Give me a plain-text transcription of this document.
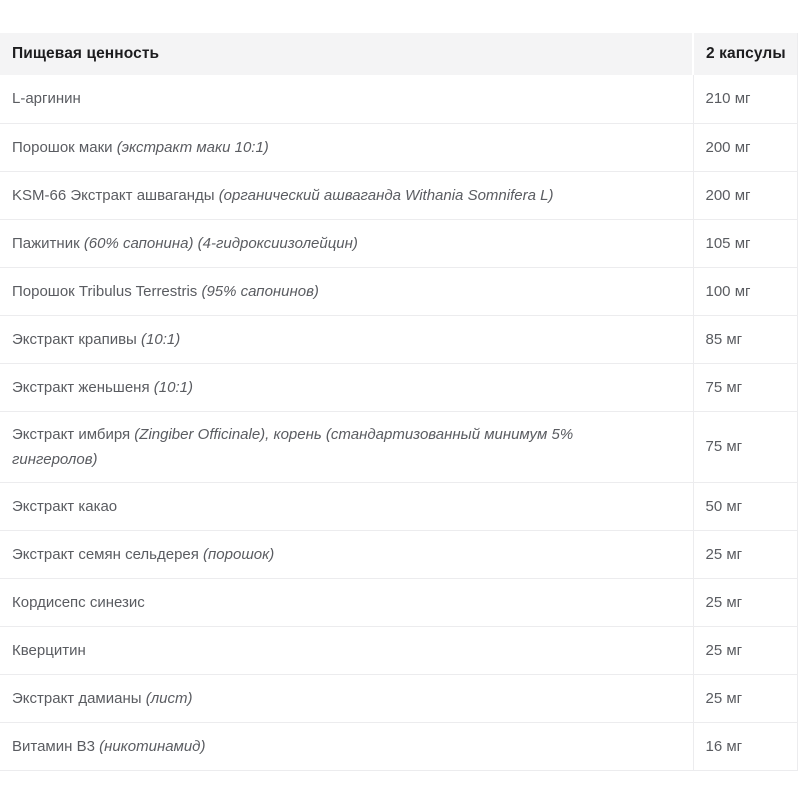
Пищевая ценность	2 капсулы
L-аргинин	210 мг
Порошок маки (экстракт маки 10:1)	200 мг
KSM-66 Экстракт ашваганды (органический ашваганда Withania Somnifera L)	200 мг
Пажитник (60% сапонина) (4-гидроксиизолейцин)	105 мг
Порошок Tribulus Terrestris (95% сапонинов)	100 мг
Экстракт крапивы (10:1)	85 мг
Экстракт женьшеня (10:1)	75 мг
Экстракт имбиря (Zingiber Officinale), корень (стандартизованный минимум 5% гингеролов)	75 мг
Экстракт какао	50 мг
Экстракт семян сельдерея (порошок)	25 мг
Кордисепс синезис	25 мг
Кверцитин	25 мг
Экстракт дамианы (лист)	25 мг
Витамин B3 (никотинамид)	16 мг
